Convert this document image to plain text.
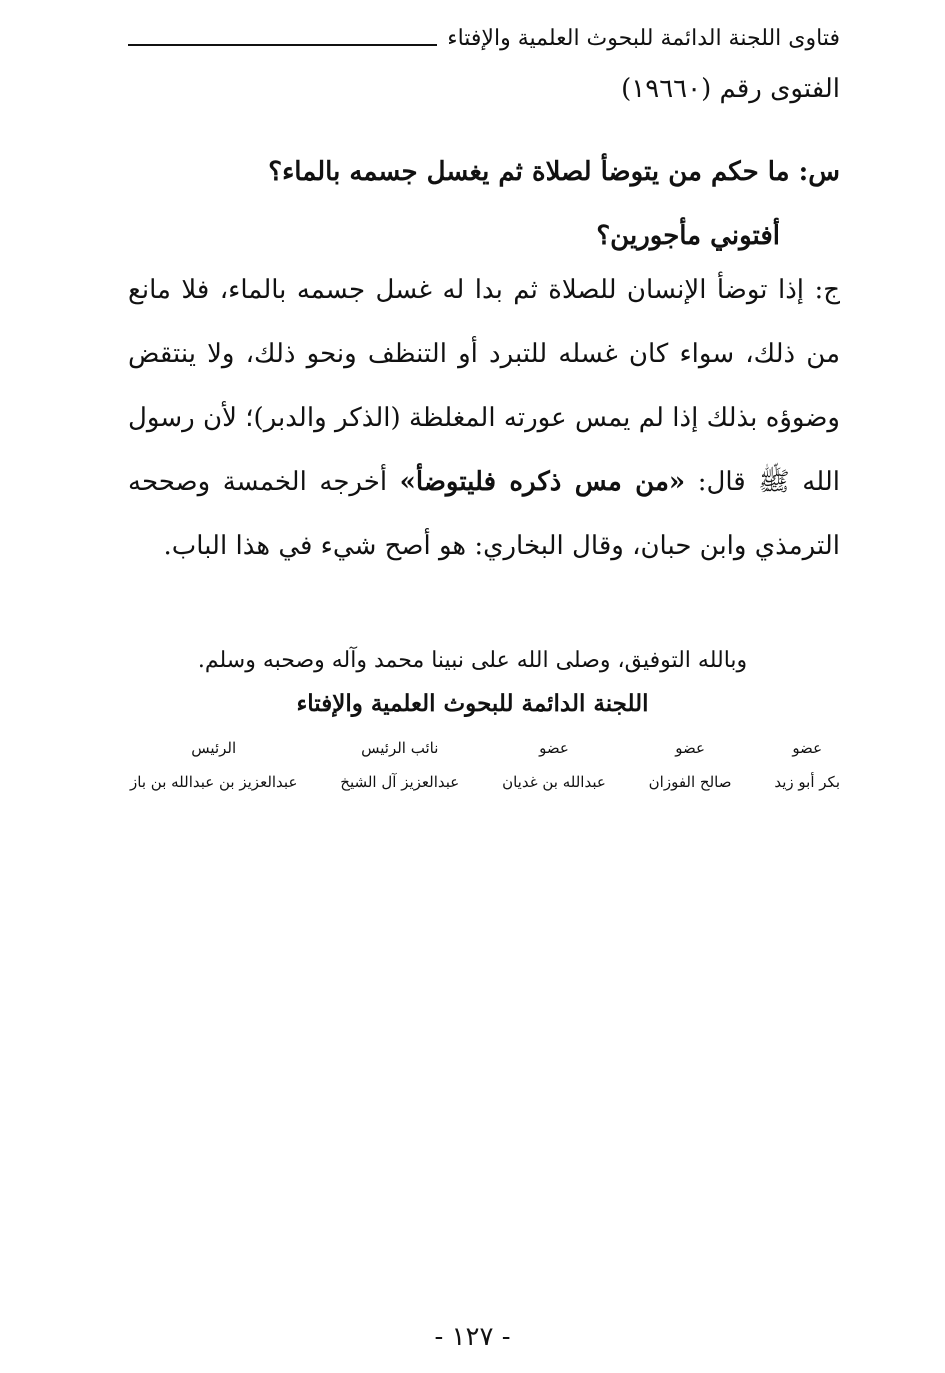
فتاوى اللجنة الدائمة للبحوث العلمية والإفتاء
الفتوى رقم (١٩٦٦٠)
س: ما حكم من يتوضأ لصلاة ثم يغسل جسمه بالماء؟
أفتوني مأجورين؟

ج: إذا توضأ الإنسان للصلاة ثم بدا له غسل جسمه بالماء، فلا مانع من ذلك، سواء كان غسله للتبرد أو التنظف ونحو ذلك، ولا ينتقض وضوؤه بذلك إذا لم يمس عورته المغلظة (الذكر والدبر)؛ لأن رسول الله ﷺ قال: «من مس ذكره فليتوضأ» أخرجه الخمسة وصححه الترمذي وابن حبان، وقال البخاري: هو أصح شيء في هذا الباب.

وبالله التوفيق، وصلى الله على نبينا محمد وآله وصحبه وسلم.
اللجنة الدائمة للبحوث العلمية والإفتاء
عضو
بكر أبو زيد
عضو
صالح الفوزان
عضو
عبدالله بن غديان
نائب الرئيس
عبدالعزيز آل الشيخ
الرئيس
عبدالعزيز بن عبدالله بن باز
- ١٢٧ -
